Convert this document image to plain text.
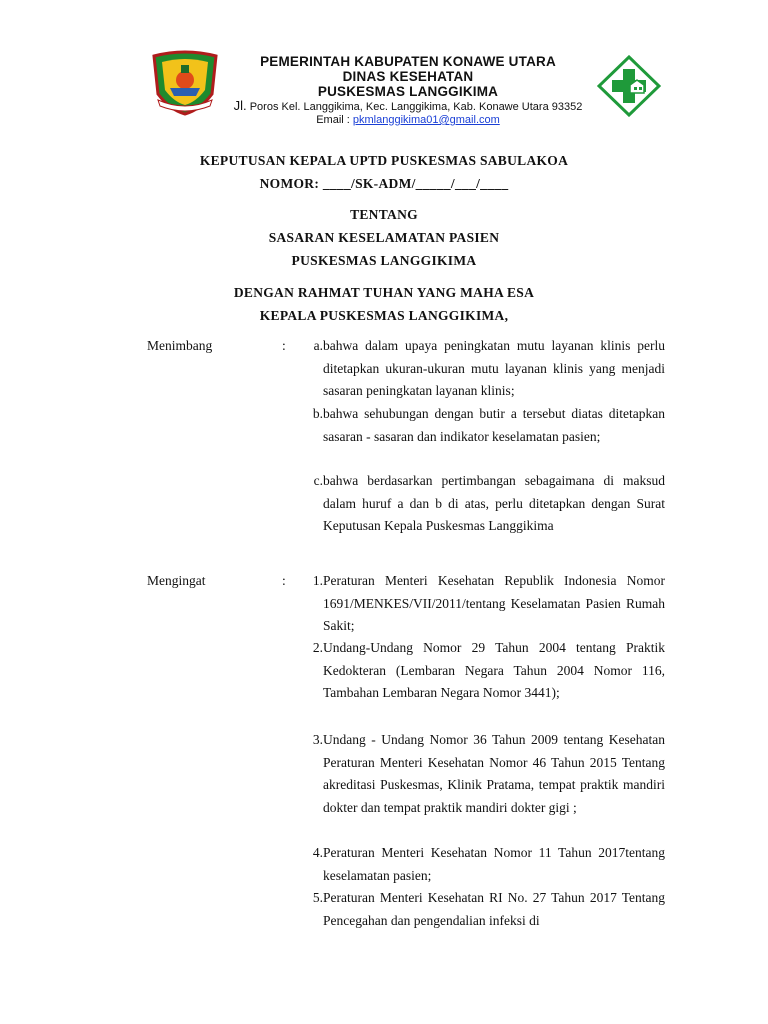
PEMERINTAH KABUPATEN KONAWE UTARA
DINAS KESEHATAN
PUSKESMAS LANGGIKIMA
Jl. Poros Kel. Langgikima, Kec. Langgikima, Kab. Konawe Utara 93352
Email : pkmlanggikima01@gmail.com
KEPUTUSAN KEPALA UPTD PUSKESMAS SABULAKOA
NOMOR: ____/SK-ADM/_____/___/____
TENTANG
SASARAN KESELAMATAN PASIEN
PUSKESMAS LANGGIKIMA
DENGAN RAHMAT TUHAN YANG MAHA ESA
KEPALA PUSKESMAS LANGGIKIMA,
Menimbang	:	a. bahwa dalam upaya peningkatan mutu layanan klinis perlu ditetapkan ukuran-ukuran mutu layanan klinis yang menjadi sasaran peningkatan layanan klinis;
b. bahwa sehubungan dengan butir a tersebut diatas ditetapkan sasaran - sasaran dan indikator keselamatan pasien;
c. bahwa berdasarkan pertimbangan sebagaimana di maksud dalam huruf a dan b di atas, perlu ditetapkan dengan Surat Keputusan Kepala Puskesmas Langgikima
Mengingat	:	1. Peraturan Menteri Kesehatan Republik Indonesia Nomor 1691/MENKES/VII/2011/tentang Keselamatan Pasien Rumah Sakit;
2. Undang-Undang Nomor 29 Tahun 2004 tentang Praktik Kedokteran (Lembaran Negara Tahun 2004 Nomor 116, Tambahan Lembaran Negara Nomor 3441);
3. Undang - Undang Nomor 36 Tahun 2009 tentang Kesehatan Peraturan Menteri Kesehatan Nomor 46 Tahun 2015 Tentang akreditasi Puskesmas, Klinik Pratama, tempat praktik mandiri dokter dan tempat praktik mandiri dokter gigi ;
4. Peraturan Menteri Kesehatan Nomor 11 Tahun 2017tentang keselamatan pasien;
5. Peraturan Menteri Kesehatan RI No. 27 Tahun 2017 Tentang Pencegahan dan pengendalian infeksi di
